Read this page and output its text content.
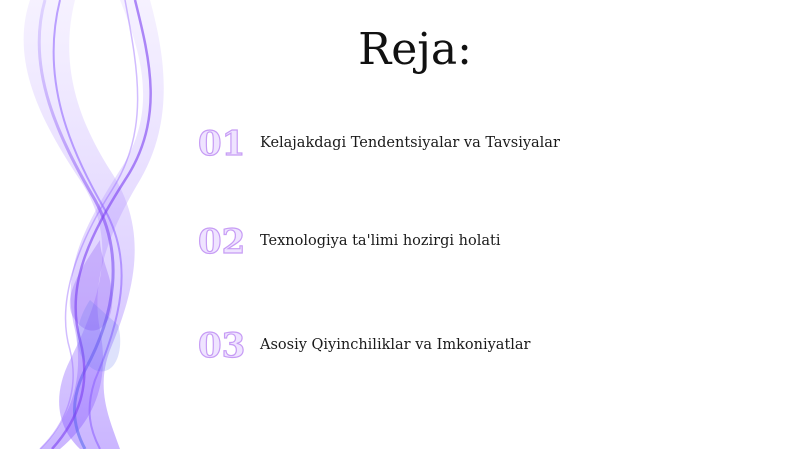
Reja:
01 Kelajakdagi Tendentsiyalar va Tavsiyalar
02 Texnologiya ta'limi hozirgi holati
03 Asosiy Qiyinchiliklar va Imkoniyatlar
